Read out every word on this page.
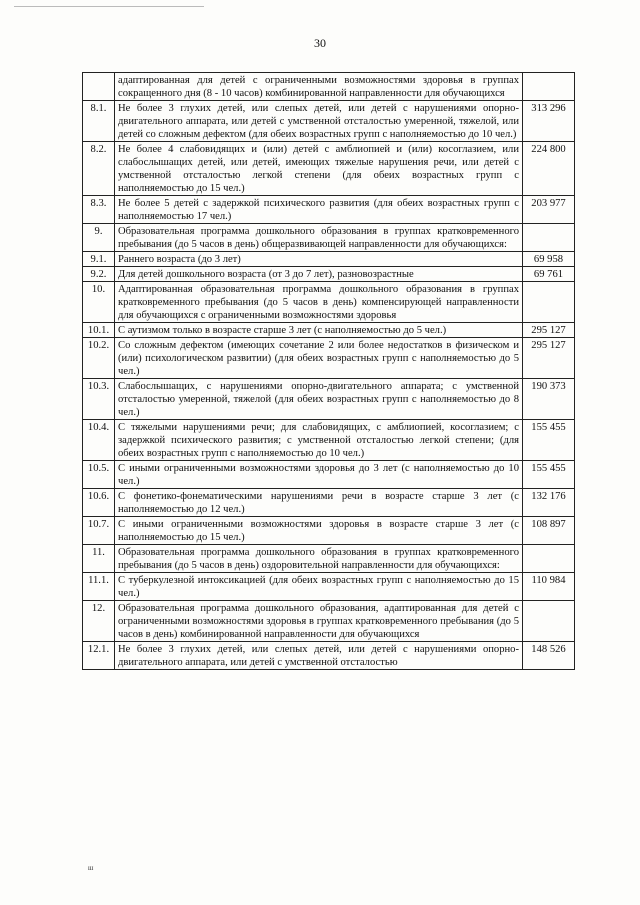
30
	адаптированная для детей с ограниченными возможностями здоровья в группах сокращенного дня (8 - 10 часов) комбинированной направленности для обучающихся	
8.1.	Не более 3 глухих детей, или слепых детей, или детей с нарушениями опорно-двигательного аппарата, или детей с умственной отсталостью умеренной, тяжелой, или детей со сложным дефектом (для обеих возрастных групп с наполняемостью до 10 чел.)	313 296
8.2.	Не более 4 слабовидящих и (или) детей с амблиопией и (или) косоглазием, или слабослышащих детей, или детей, имеющих тяжелые нарушения речи, или детей с умственной отсталостью легкой степени (для обеих возрастных групп с наполняемостью до 15 чел.)	224 800
8.3.	Не более 5 детей с задержкой психического развития (для обеих возрастных групп с наполняемостью 17 чел.)	203 977
9.	Образовательная программа дошкольного образования в группах кратковременного пребывания (до 5 часов в день) общеразвивающей направленности для обучающихся:	
9.1.	Раннего возраста (до 3 лет)	69 958
9.2.	Для детей дошкольного возраста (от 3 до 7 лет), разновозрастные	69 761
10.	Адаптированная образовательная программа дошкольного образования в группах кратковременного пребывания (до 5 часов в день) компенсирующей направленности для обучающихся с ограниченными возможностями здоровья	
10.1.	С аутизмом только в возрасте старше 3 лет (с наполняемостью до 5 чел.)	295 127
10.2.	Со сложным дефектом (имеющих сочетание 2 или более недостатков в физическом и (или) психологическом развитии) (для обеих возрастных групп с наполняемостью до 5 чел.)	295 127
10.3.	Слабослышащих, с нарушениями опорно-двигательного аппарата; с умственной отсталостью умеренной, тяжелой (для обеих возрастных групп с наполняемостью до 8 чел.)	190 373
10.4.	С тяжелыми нарушениями речи; для слабовидящих, с амблиопией, косоглазием; с задержкой психического развития; с умственной отсталостью легкой степени; (для обеих возрастных групп с наполняемостью до 10 чел.)	155 455
10.5.	С иными ограниченными возможностями здоровья до 3 лет (с наполняемостью до 10 чел.)	155 455
10.6.	С фонетико-фонематическими нарушениями речи в возрасте старше 3 лет (с наполняемостью до 12 чел.)	132 176
10.7.	С иными ограниченными возможностями здоровья в возрасте старше 3 лет (с наполняемостью до 15 чел.)	108 897
11.	Образовательная программа дошкольного образования в группах кратковременного пребывания (до 5 часов в день) оздоровительной направленности для обучающихся:	
11.1.	С туберкулезной интоксикацией (для обеих возрастных групп с наполняемостью до 15 чел.)	110 984
12.	Образовательная программа дошкольного образования, адаптированная для детей с ограниченными возможностями здоровья в группах кратковременного пребывания (до 5 часов в день) комбинированной направленности для обучающихся	
12.1.	Не более 3 глухих детей, или слепых детей, или детей с нарушениями опорно-двигательного аппарата, или детей с умственной отсталостью	148 526
ш
